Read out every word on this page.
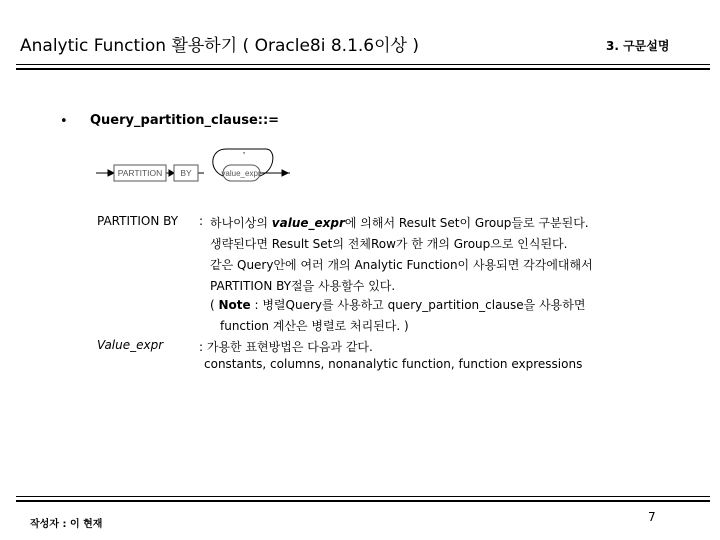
Analytic Function 활용하기 ( Oracle8i 8.1.6이상 )	3. 구문설명
• Query_partition_clause::=
PARTITION BY	value_expr
,
PARTITION BY : 하나이상의 value_expr에 의해서 Result Set이 Group들로 구분된다.
생략된다면 Result Set의 전체Row가 한 개의 Group으로 인식된다.
같은 Query안에 여러 개의 Analytic Function이 사용되면 각각에대해서
PARTITION BY절을 사용할수 있다.
( Note : 병렬Query를 사용하고 query_partition_clause을 사용하면
function 계산은 병렬로 처리된다. )
Value_expr	: 가용한 표현방법은 다음과 같다.
constants, columns, nonanalytic function, function expressions
작성자 : 이 현재
7
